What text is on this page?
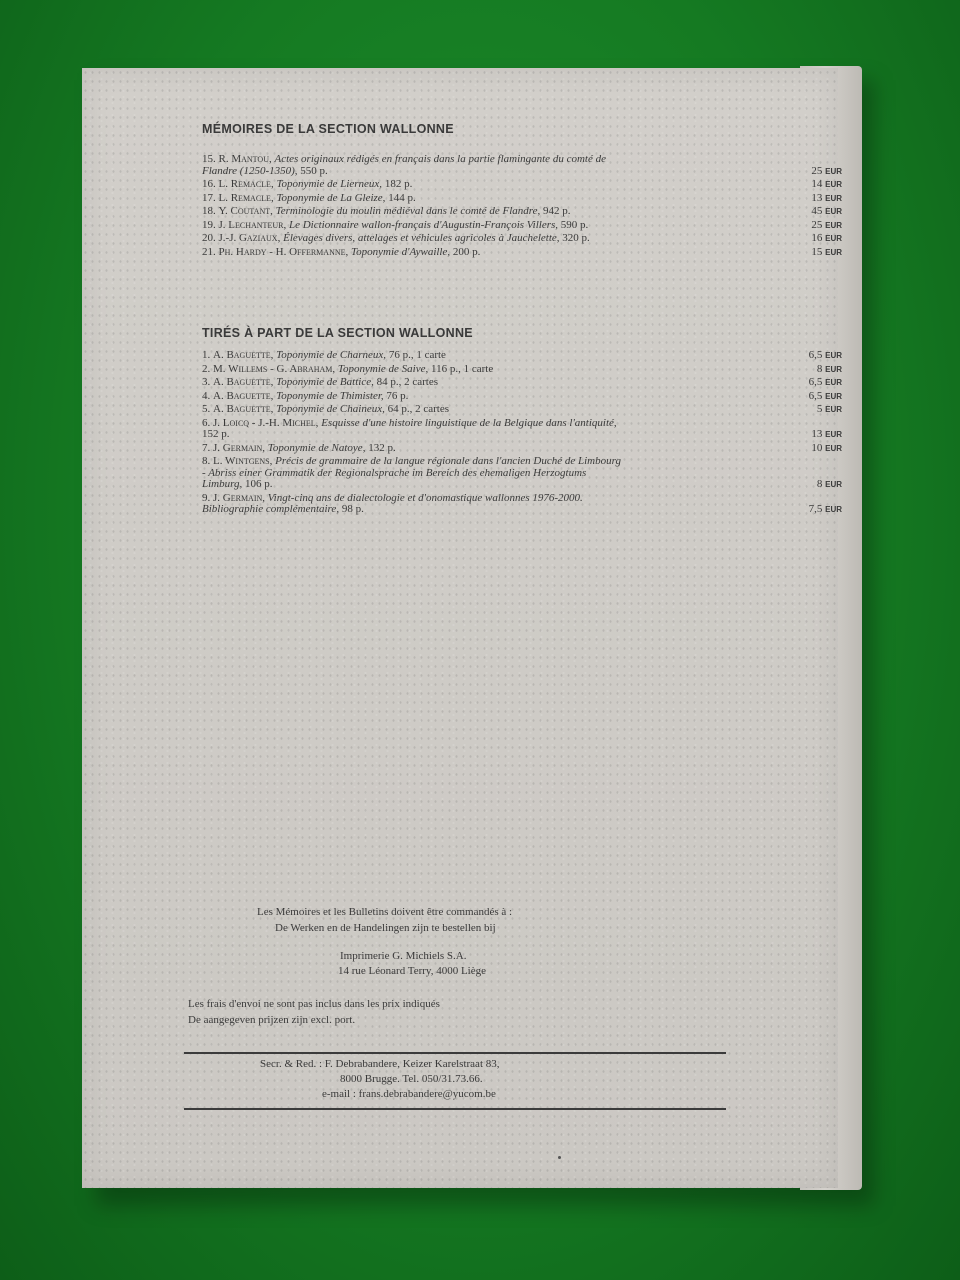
MÉMOIRES DE LA SECTION WALLONNE
15. R. Mantou, Actes originaux rédigés en français dans la partie flamingante du comté de Flandre (1250-1350), 550 p.	25 EUR
16. L. Remacle, Toponymie de Lierneux, 182 p.	14 EUR
17. L. Remacle, Toponymie de La Gleize, 144 p.	13 EUR
18. Y. Coutant, Terminologie du moulin médiéval dans le comté de Flandre, 942 p.	45 EUR
19. J. Lechanteur, Le Dictionnaire wallon-français d'Augustin-François Villers, 590 p.	25 EUR
20. J.-J. Gaziaux, Élevages divers, attelages et véhicules agricoles à Jauchelette, 320 p.	16 EUR
21. Ph. Hardy - H. Offermanne, Toponymie d'Aywaille, 200 p.	15 EUR
TIRÉS À PART DE LA SECTION WALLONNE
1. A. Baguette, Toponymie de Charneux, 76 p., 1 carte	6,5 EUR
2. M. Willems - G. Abraham, Toponymie de Saive, 116 p., 1 carte	8 EUR
3. A. Baguette, Toponymie de Battice, 84 p., 2 cartes	6,5 EUR
4. A. Baguette, Toponymie de Thimister, 76 p.	6,5 EUR
5. A. Baguette, Toponymie de Chaineux, 64 p., 2 cartes	5 EUR
6. J. Loicq - J.-H. Michel, Esquisse d'une histoire linguistique de la Belgique dans l'antiquité, 152 p.	13 EUR
7. J. Germain, Toponymie de Natoye, 132 p.	10 EUR
8. L. Wintgens, Précis de grammaire de la langue régionale dans l'ancien Duché de Limbourg - Abriss einer Grammatik der Regionalsprache im Bereich des ehemaligen Herzogtums Limburg, 106 p.	8 EUR
9. J. Germain, Vingt-cinq ans de dialectologie et d'onomastique wallonnes 1976-2000. Bibliographie complémentaire, 98 p.	7,5 EUR
Les Mémoires et les Bulletins doivent être commandés à :
De Werken en de Handelingen zijn te bestellen bij
Imprimerie G. Michiels S.A.
14 rue Léonard Terry, 4000 Liège
Les frais d'envoi ne sont pas inclus dans les prix indiqués
De aangegeven prijzen zijn excl. port.
Secr. & Red. : F. Debrabandere, Keizer Karelstraat 83,
8000 Brugge. Tel. 050/31.73.66.
e-mail : frans.debrabandere@yucom.be
